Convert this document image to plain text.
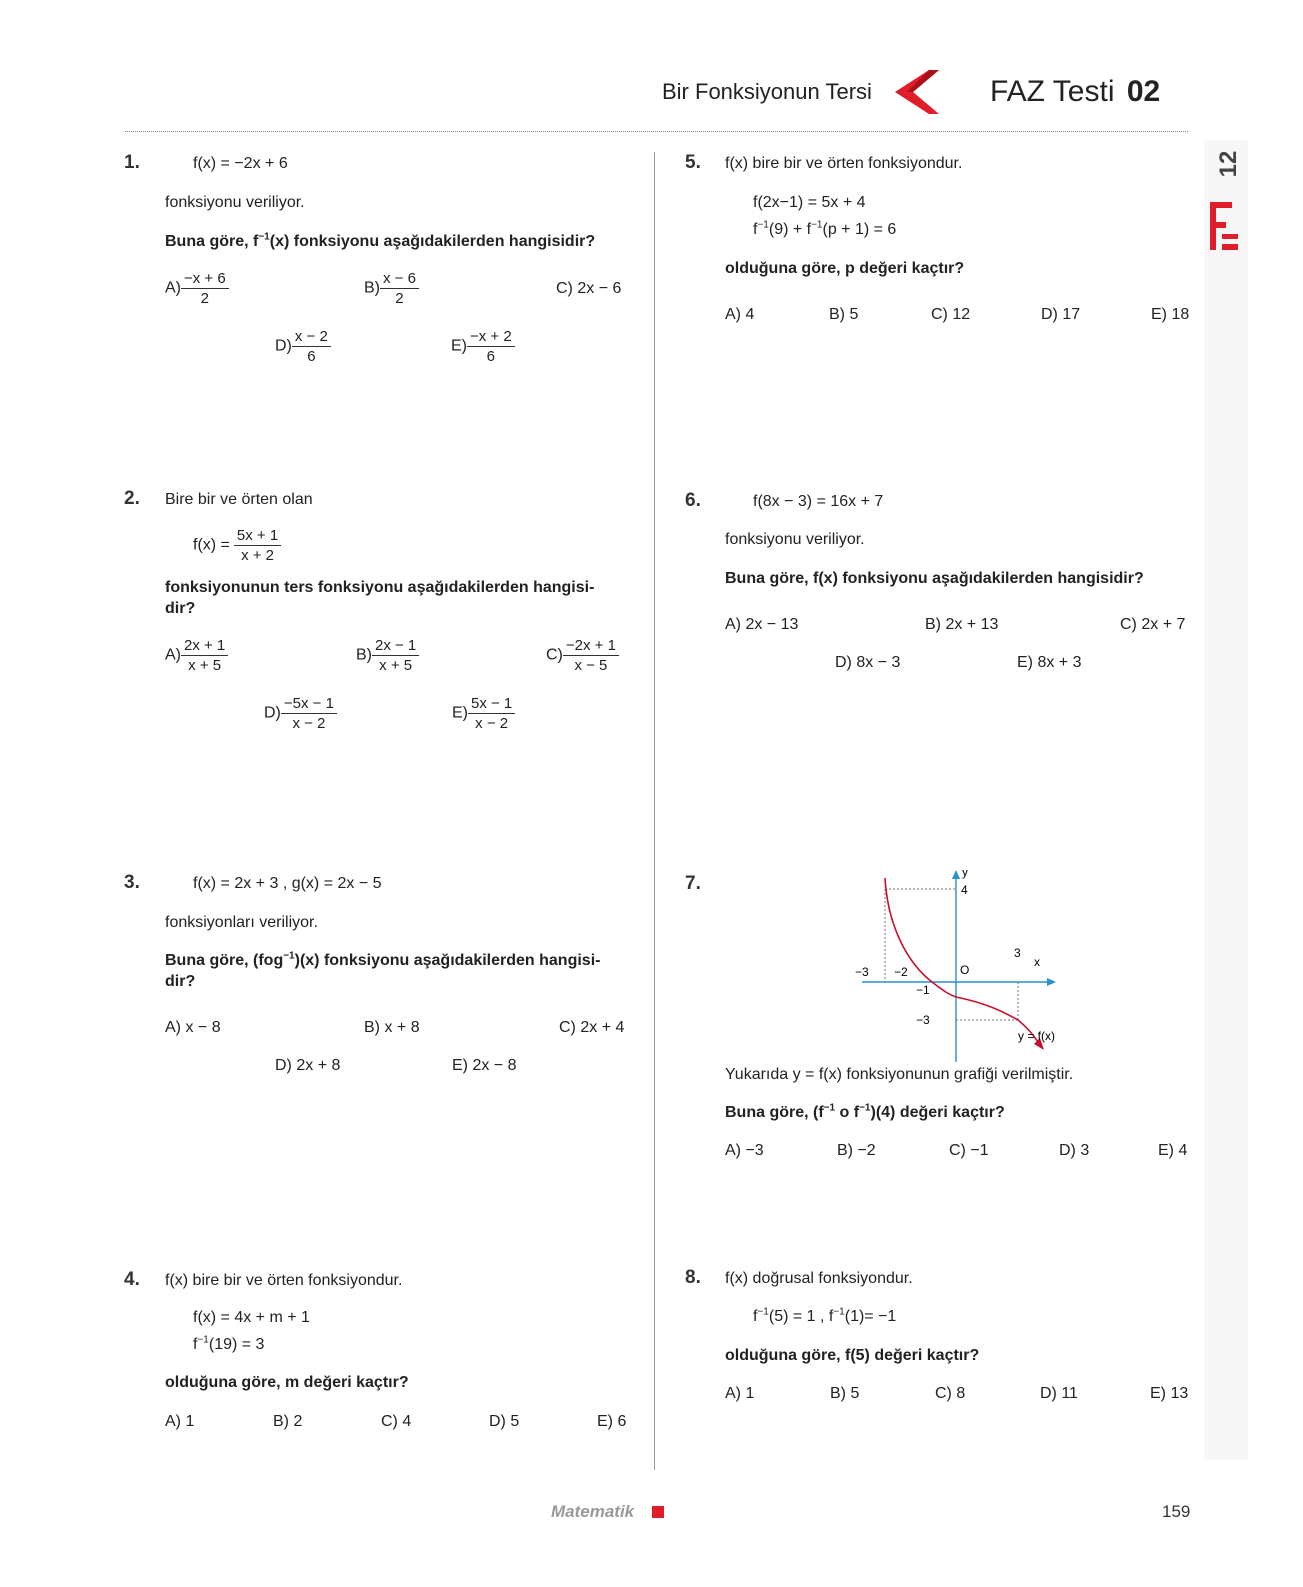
Bir Fonksiyonun Tersi	FAZ Testi 02
12
1.	f(x) = −2x + 6
fonksiyonu veriliyor.
Buna göre, $f^{-1}(x)$ fonksiyonu aşağıdakilerden hangisidir?
$A) \frac{-x + 6}{2}$	$B) \frac{x - 6}{2}$	C) 2x − 6
$D) \frac{x - 2}{6}$	$E) \frac{-x + 2}{6}$
2. Bire bir ve örten olan
$f(x) = \frac{5x + 1}{x + 2}$
fonksiyonunun ters fonksiyonu aşağıdakilerden hangisi-
dir?
$A) \frac{2x + 1}{x + 5}$	$B) \frac{2x - 1}{x + 5}$	$C) \frac{-2x + 1}{x - 5}$
$D) \frac{-5x - 1}{x - 2}$	$E) \frac{5x - 1}{x - 2}$
3.	f(x) = 2x + 3 , g(x) = 2x − 5
fonksiyonları veriliyor.
Buna göre, (fog$^{-1}$)(x) fonksiyonu aşağıdakilerden hangisi-
dir?
A) x − 8	B) x + 8	C) 2x + 4
D) 2x + 8	E) 2x − 8
4. f(x) bire bir ve örten fonksiyondur.
f(x) = 4x + m + 1
$f^{-1}(19) = 3$
olduğuna göre, m değeri kaçtır?
A) 1	B) 2	C) 4	D) 5	E) 6
5. f(x) bire bir ve örten fonksiyondur.
f(2x−1) = 5x + 4
$f^{-1}(9) + f^{-1}(p + 1) = 6$
olduğuna göre, p değeri kaçtır?
A) 4	B) 5	C) 12	D) 17	E) 18
6.	f(8x − 3) = 16x + 7
fonksiyonu veriliyor.
Buna göre, f(x) fonksiyonu aşağıdakilerden hangisidir?
A) 2x − 13	B) 2x + 13	C) 2x + 7
D) 8x − 3	E) 8x + 3
7.
y
x
O
4
3
−3 −2
−1
−3
y = f(x)
Yukarıda y = f(x) fonksiyonunun grafiği verilmiştir.
Buna göre, ($f^{-1}$ o $f^{-1})(4)$ değeri kaçtır?
A) −3	B) −2	C) −1	D) 3	E) 4
8. f(x) doğrusal fonksiyondur.
$f^{-1}(5) = 1$ , $f^{-1}(1)= -1$
olduğuna göre, f(5) değeri kaçtır?
A) 1	B) 5	C) 8	D) 11	E) 13
Matematik	159
